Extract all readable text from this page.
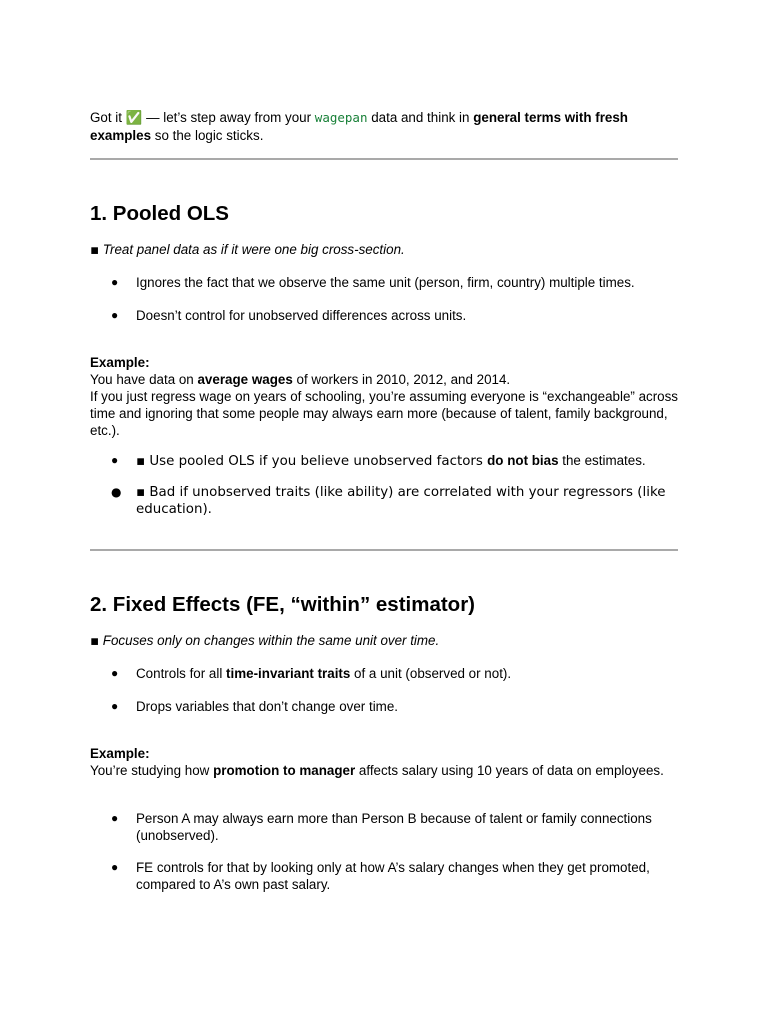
Got it ✅ — let’s step away from your wagepan data and think in general terms with fresh examples so the logic sticks.
1. Pooled OLS
▪ Treat panel data as if it were one big cross-section.
● Ignores the fact that we observe the same unit (person, firm, country) multiple times.
● Doesn’t control for unobserved differences across units.
Example:
You have data on average wages of workers in 2010, 2012, and 2014.
If you just regress wage on years of schooling, you’re assuming everyone is “exchangeable” across time and ignoring that some people may always earn more (because of talent, family background, etc.).
● ▪ Use pooled OLS if you believe unobserved factors do not bias the estimates.
● ▪ Bad if unobserved traits (like ability) are correlated with your regressors (like education).
2. Fixed Effects (FE, “within” estimator)
▪ Focuses only on changes within the same unit over time.
● Controls for all time-invariant traits of a unit (observed or not).
● Drops variables that don’t change over time.
Example:
You’re studying how promotion to manager affects salary using 10 years of data on employees.
● Person A may always earn more than Person B because of talent or family connections (unobserved).
● FE controls for that by looking only at how A’s salary changes when they get promoted, compared to A’s own past salary.
